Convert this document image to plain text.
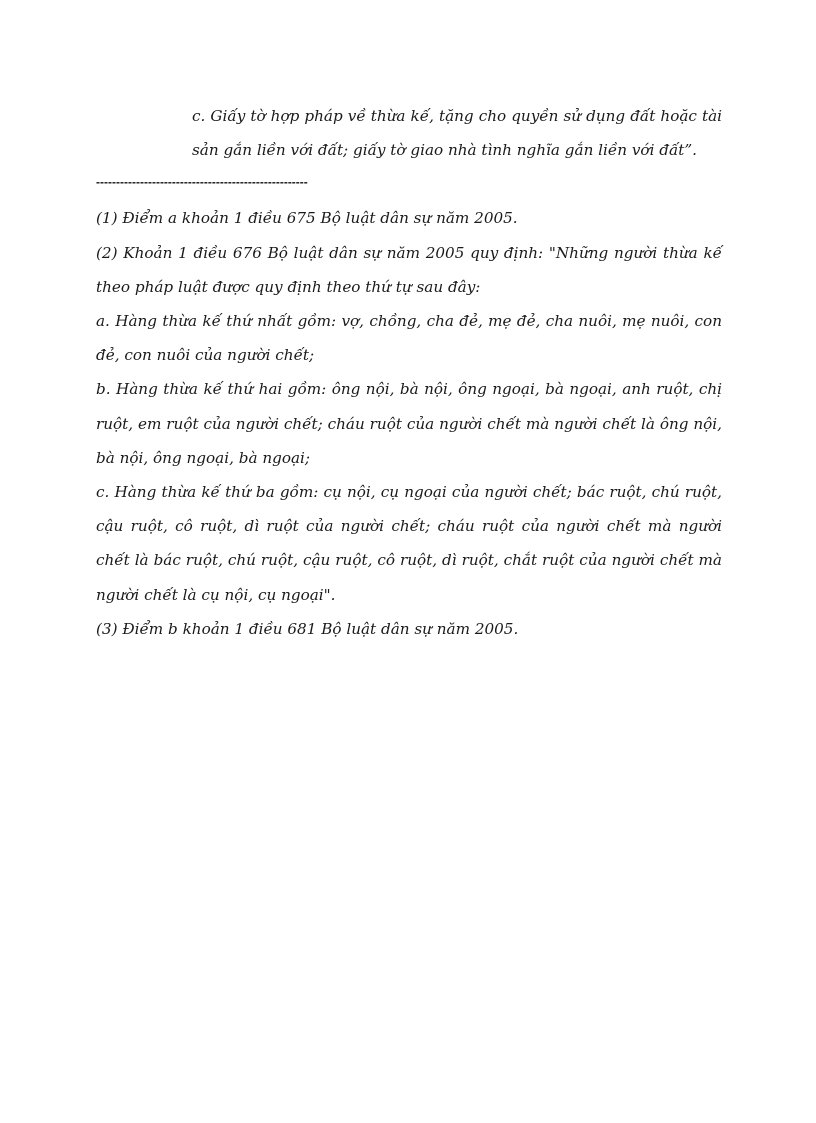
c. Giấy tờ hợp pháp về thừa kế, tặng cho quyền sử dụng đất hoặc tài sản gắn liền với đất; giấy tờ giao nhà tình nghĩa gắn liền với đất”.

-----------------------------------------------------

(1) Điểm a khoản 1 điều 675 Bộ luật dân sự năm 2005.

(2) Khoản 1 điều 676 Bộ luật dân sự năm 2005 quy định: "Những người thừa kế theo pháp luật được quy định theo thứ tự sau đây:

a. Hàng thừa kế thứ nhất gồm: vợ, chồng, cha đẻ, mẹ đẻ, cha nuôi, mẹ nuôi, con đẻ, con nuôi của người chết;

b. Hàng thừa kế thứ hai gồm: ông nội, bà nội, ông ngoại, bà ngoại, anh ruột, chị ruột, em ruột của người chết; cháu ruột của người chết mà người chết là ông nội, bà nội, ông ngoại, bà ngoại;

c. Hàng thừa kế thứ ba gồm: cụ nội, cụ ngoại của người chết; bác ruột, chú ruột, cậu ruột, cô ruột, dì ruột của người chết; cháu ruột của người chết mà người chết là bác ruột, chú ruột, cậu ruột, cô ruột, dì ruột, chắt ruột của người chết mà người chết là cụ nội, cụ ngoại".

(3) Điểm b khoản 1 điều 681 Bộ luật dân sự năm 2005.
